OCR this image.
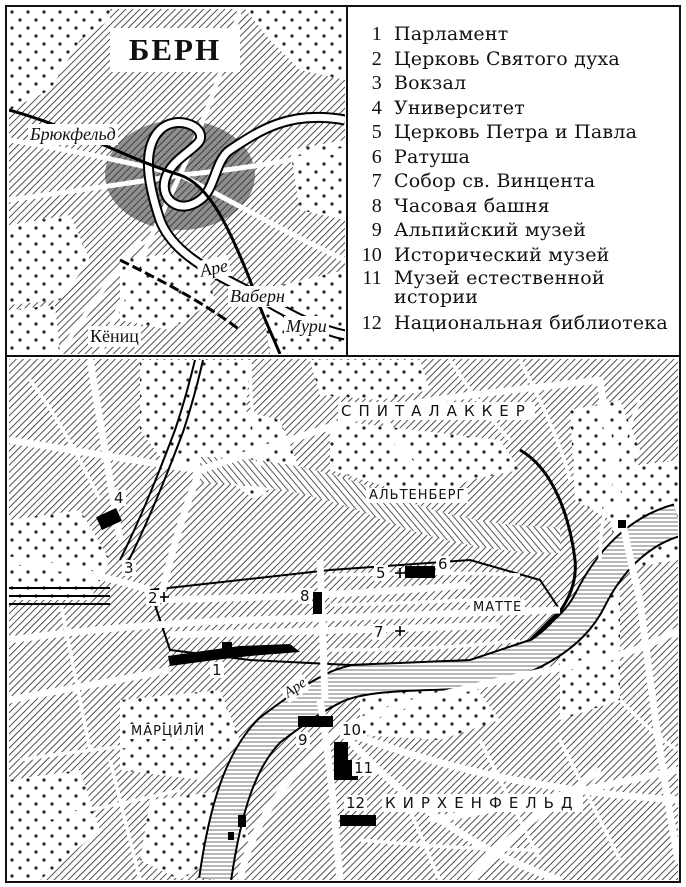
БЕРН
Брюкфельд
Аре
Ваберн
Кёниц	Мури
1 Парламент
2 Церковь Святого духа
3 Вокзал
4 Университет
5 Церковь Петра и Павла
6 Ратуша
7 Собор св. Винцента
8 Часовая башня
9 Альпийский музей
10 Исторический музей
11 Музей естественной истории
12 Национальная библиотека
СПИТАЛАККЕР
АЛЬТЕНБЕРГ
МАТТЕ
МАРЦИЛИ
КИРХЕНФЕЛЬД
Аре
1
2
3
4
5	6
7
8
9
10
11
12
